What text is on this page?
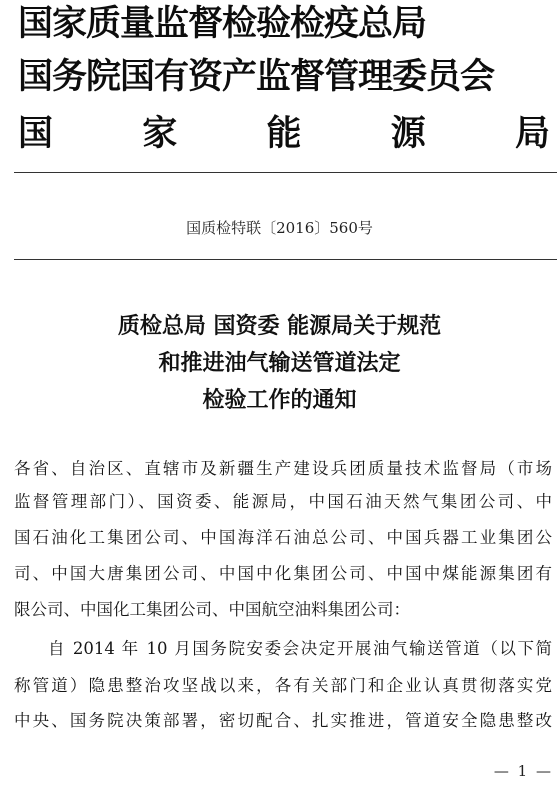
国家质量监督检验检疫总局
国务院国有资产监督管理委员会
国	家	能	源	局
国质检特联〔2016〕560号
质检总局 国资委 能源局关于规范
和推进油气输送管道法定
检验工作的通知
各省、自治区、直辖市及新疆生产建设兵团质量技术监督局（市场
监督管理部门）、国资委、能源局，中国石油天然气集团公司、中
国石油化工集团公司、中国海洋石油总公司、中国兵器工业集团公
司、中国大唐集团公司、中国中化集团公司、中国中煤能源集团有
限公司、中国化工集团公司、中国航空油料集团公司：
自 2014 年 10 月国务院安委会决定开展油气输送管道（以下简
称管道）隐患整治攻坚战以来，各有关部门和企业认真贯彻落实党
中央、国务院决策部署，密切配合、扎实推进，管道安全隐患整改
— 1 —
